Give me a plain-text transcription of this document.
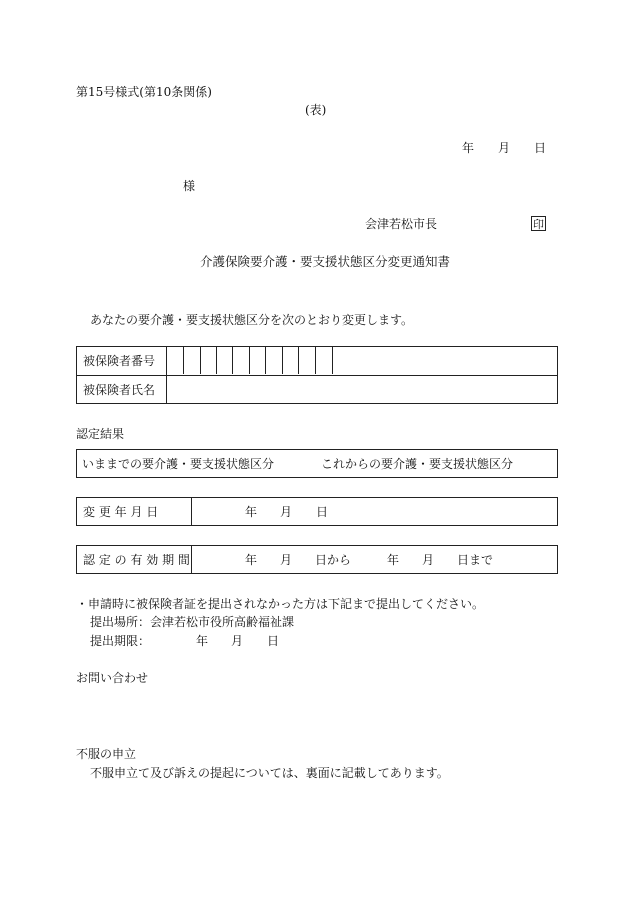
第15号様式(第10条関係)
(表)
年 月 日
様
会津若松市長	印
介護保険要介護・要支援状態区分変更通知書
あなたの要介護・要支援状態区分を次のとおり変更します。
被保険者番号
被保険者氏名
認定結果
いままでの要介護・要支援状態区分	これからの要介護・要支援状態区分
変 更 年 月 日	年 月 日
認 定 の 有 効 期 間	年 月 日から	年 月 日まで
・申請時に被保険者証を提出されなかった方は下記まで提出してください。
提出場所：会津若松市役所高齢福祉課
提出期限：	年 月 日
お問い合わせ
不服の申立
不服申立て及び訴えの提起については、裏面に記載してあります。
